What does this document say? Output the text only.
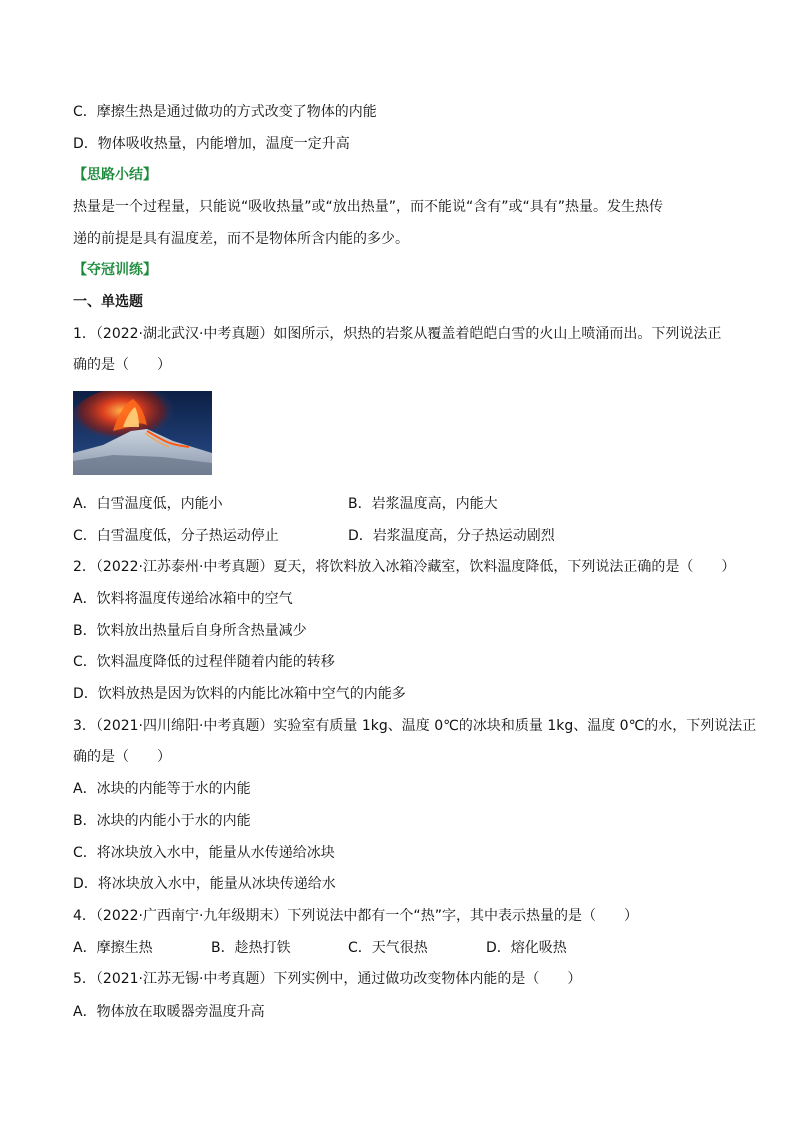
C．摩擦生热是通过做功的方式改变了物体的内能
D．物体吸收热量，内能增加，温度一定升高
【思路小结】
热量是一个过程量，只能说“吸收热量”或“放出热量”，而不能说“含有”或“具有”热量。发生热传
递的前提是具有温度差，而不是物体所含内能的多少。
【夺冠训练】
一、单选题
1．（2022·湖北武汉·中考真题）如图所示，炽热的岩浆从覆盖着皑皑白雪的火山上喷涌而出。下列说法正
确的是（　　）
A．白雪温度低，内能小	B．岩浆温度高，内能大
C．白雪温度低，分子热运动停止	D．岩浆温度高，分子热运动剧烈
2．（2022·江苏泰州·中考真题）夏天，将饮料放入冰箱冷藏室，饮料温度降低，下列说法正确的是（　　）
A．饮料将温度传递给冰箱中的空气
B．饮料放出热量后自身所含热量减少
C．饮料温度降低的过程伴随着内能的转移
D．饮料放热是因为饮料的内能比冰箱中空气的内能多
3．（2021·四川绵阳·中考真题）实验室有质量 1kg、温度 0℃的冰块和质量 1kg、温度 0℃的水，下列说法正
确的是（　　）
A．冰块的内能等于水的内能
B．冰块的内能小于水的内能
C．将冰块放入水中，能量从水传递给冰块
D．将冰块放入水中，能量从冰块传递给水
4．（2022·广西南宁·九年级期末）下列说法中都有一个“热”字，其中表示热量的是（　　）
A．摩擦生热	B．趁热打铁	C．天气很热	D．熔化吸热
5．（2021·江苏无锡·中考真题）下列实例中，通过做功改变物体内能的是（　　）
A．物体放在取暖器旁温度升高
